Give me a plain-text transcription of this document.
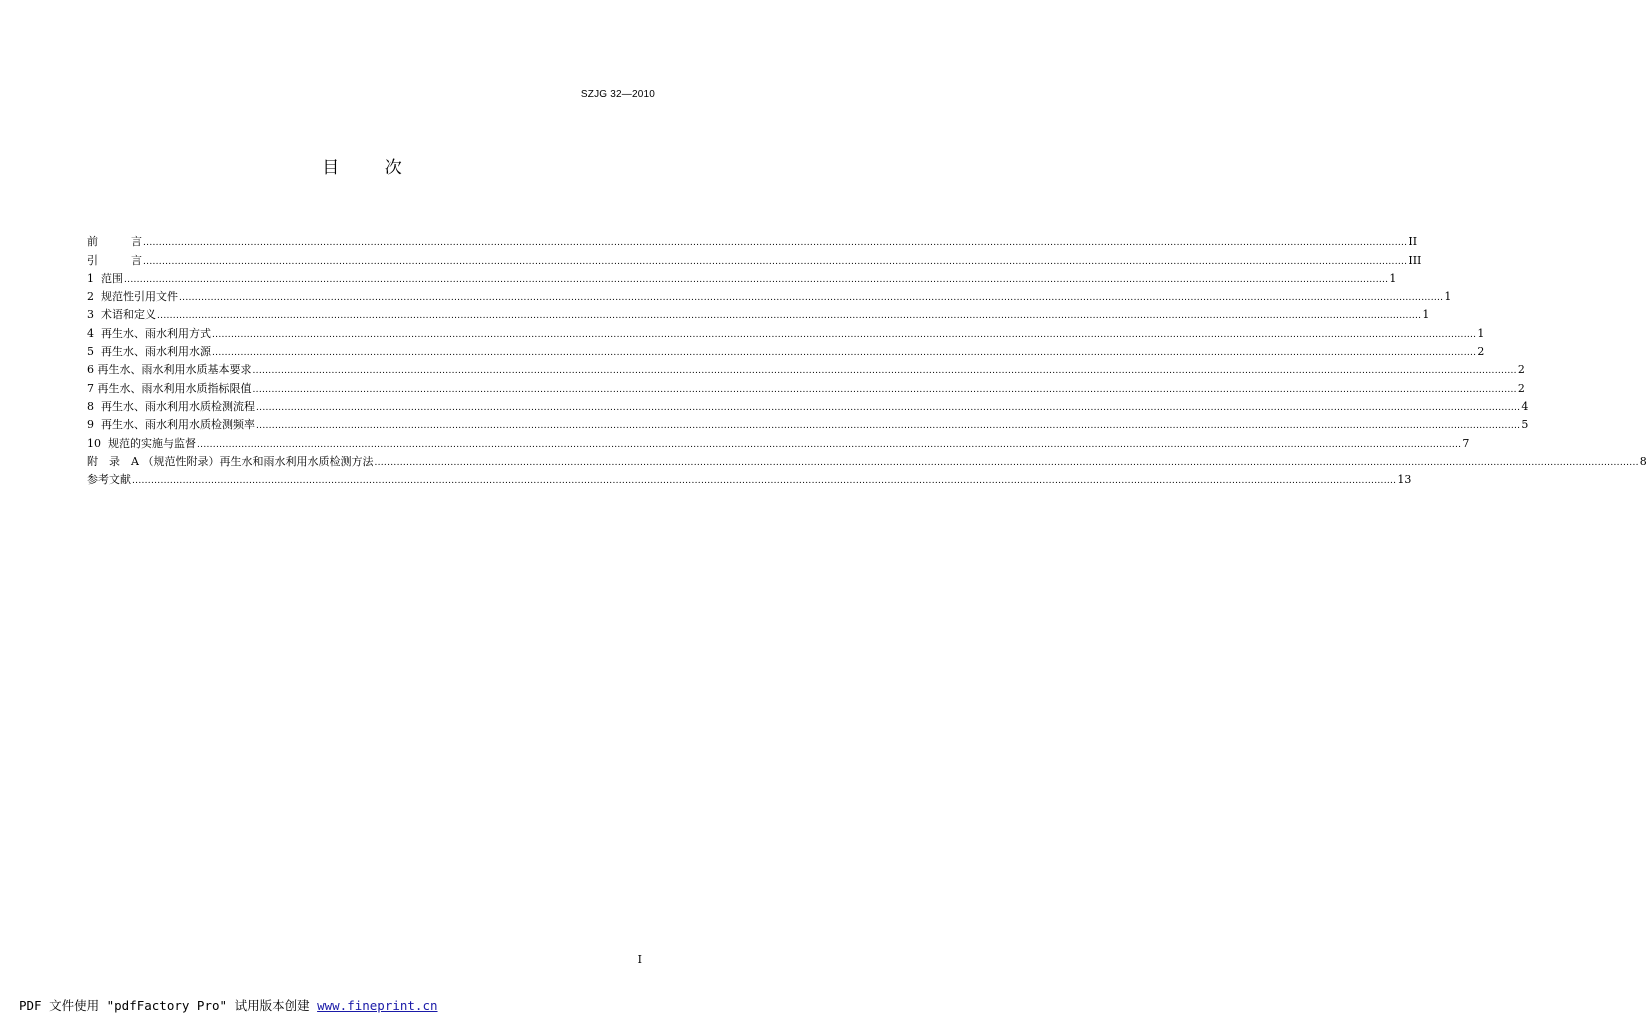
SZJG 32—2010
目	次
前　　　言 ................................................................................................................................................................................................................................................................................................................................................................................................................ II
引　　　言 ................................................................................................................................................................................................................................................................................................................................................................................................................ III
1  范围 ................................................................................................................................................................................................................................................................................................................................................................................................................ 1
2  规范性引用文件 ................................................................................................................................................................................................................................................................................................................................................................................................................ 1
3  术语和定义 ................................................................................................................................................................................................................................................................................................................................................................................................................ 1
4  再生水、雨水利用方式 ................................................................................................................................................................................................................................................................................................................................................................................................................ 1
5  再生水、雨水利用水源 ................................................................................................................................................................................................................................................................................................................................................................................................................ 2
6 再生水、雨水利用水质基本要求 ................................................................................................................................................................................................................................................................................................................................................................................................................ 2
7 再生水、雨水利用水质指标限值 ................................................................................................................................................................................................................................................................................................................................................................................................................ 2
8  再生水、雨水利用水质检测流程 ................................................................................................................................................................................................................................................................................................................................................................................................................ 4
9  再生水、雨水利用水质检测频率 ................................................................................................................................................................................................................................................................................................................................................................................................................ 5
10  规范的实施与监督 ................................................................................................................................................................................................................................................................................................................................................................................................................ 7
附　录　A （规范性附录）再生水和雨水利用水质检测方法 ................................................................................................................................................................................................................................................................................................................................................................................................................ 8
参考文献 ................................................................................................................................................................................................................................................................................................................................................................................................................ 13
I
PDF 文件使用 "pdfFactory Pro" 试用版本创建 www.fineprint.cn
